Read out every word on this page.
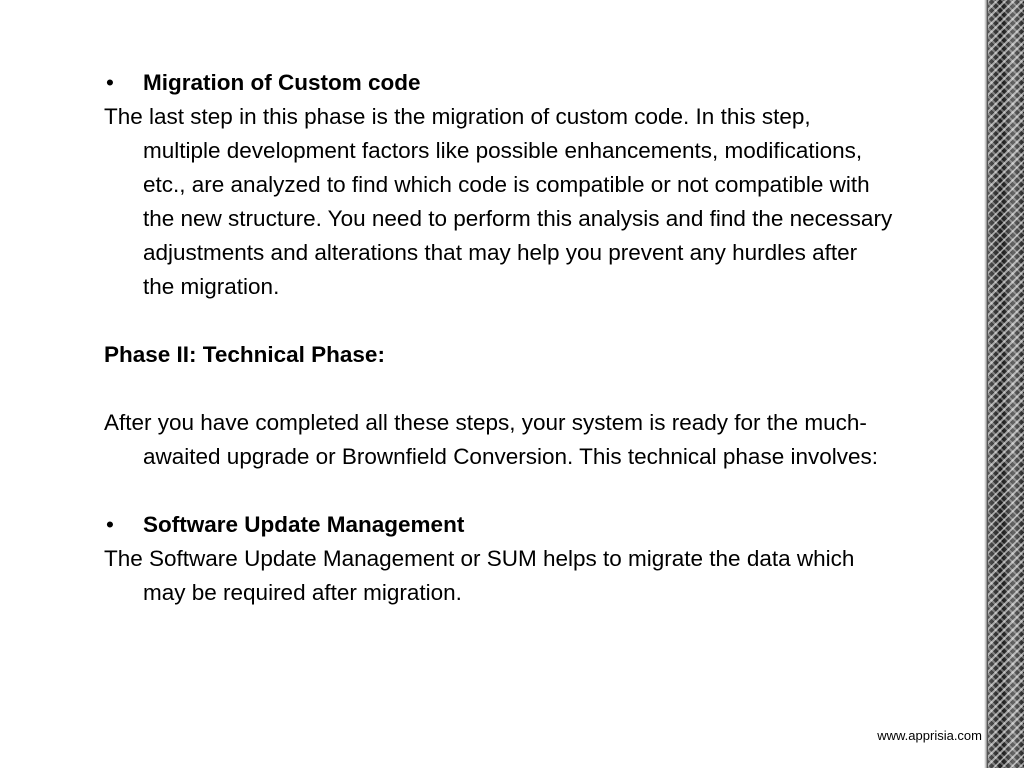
• Migration of Custom code

The last step in this phase is the migration of custom code. In this step, multiple development factors like possible enhancements, modifications, etc., are analyzed to find which code is compatible or not compatible with the new structure. You need to perform this analysis and find the necessary adjustments and alterations that may help you prevent any hurdles after the migration.

Phase II: Technical Phase:

After you have completed all these steps, your system is ready for the much-awaited upgrade or Brownfield Conversion. This technical phase involves:

• Software Update Management

The Software Update Management or SUM helps to migrate the data which may be required after migration.

www.apprisia.com
